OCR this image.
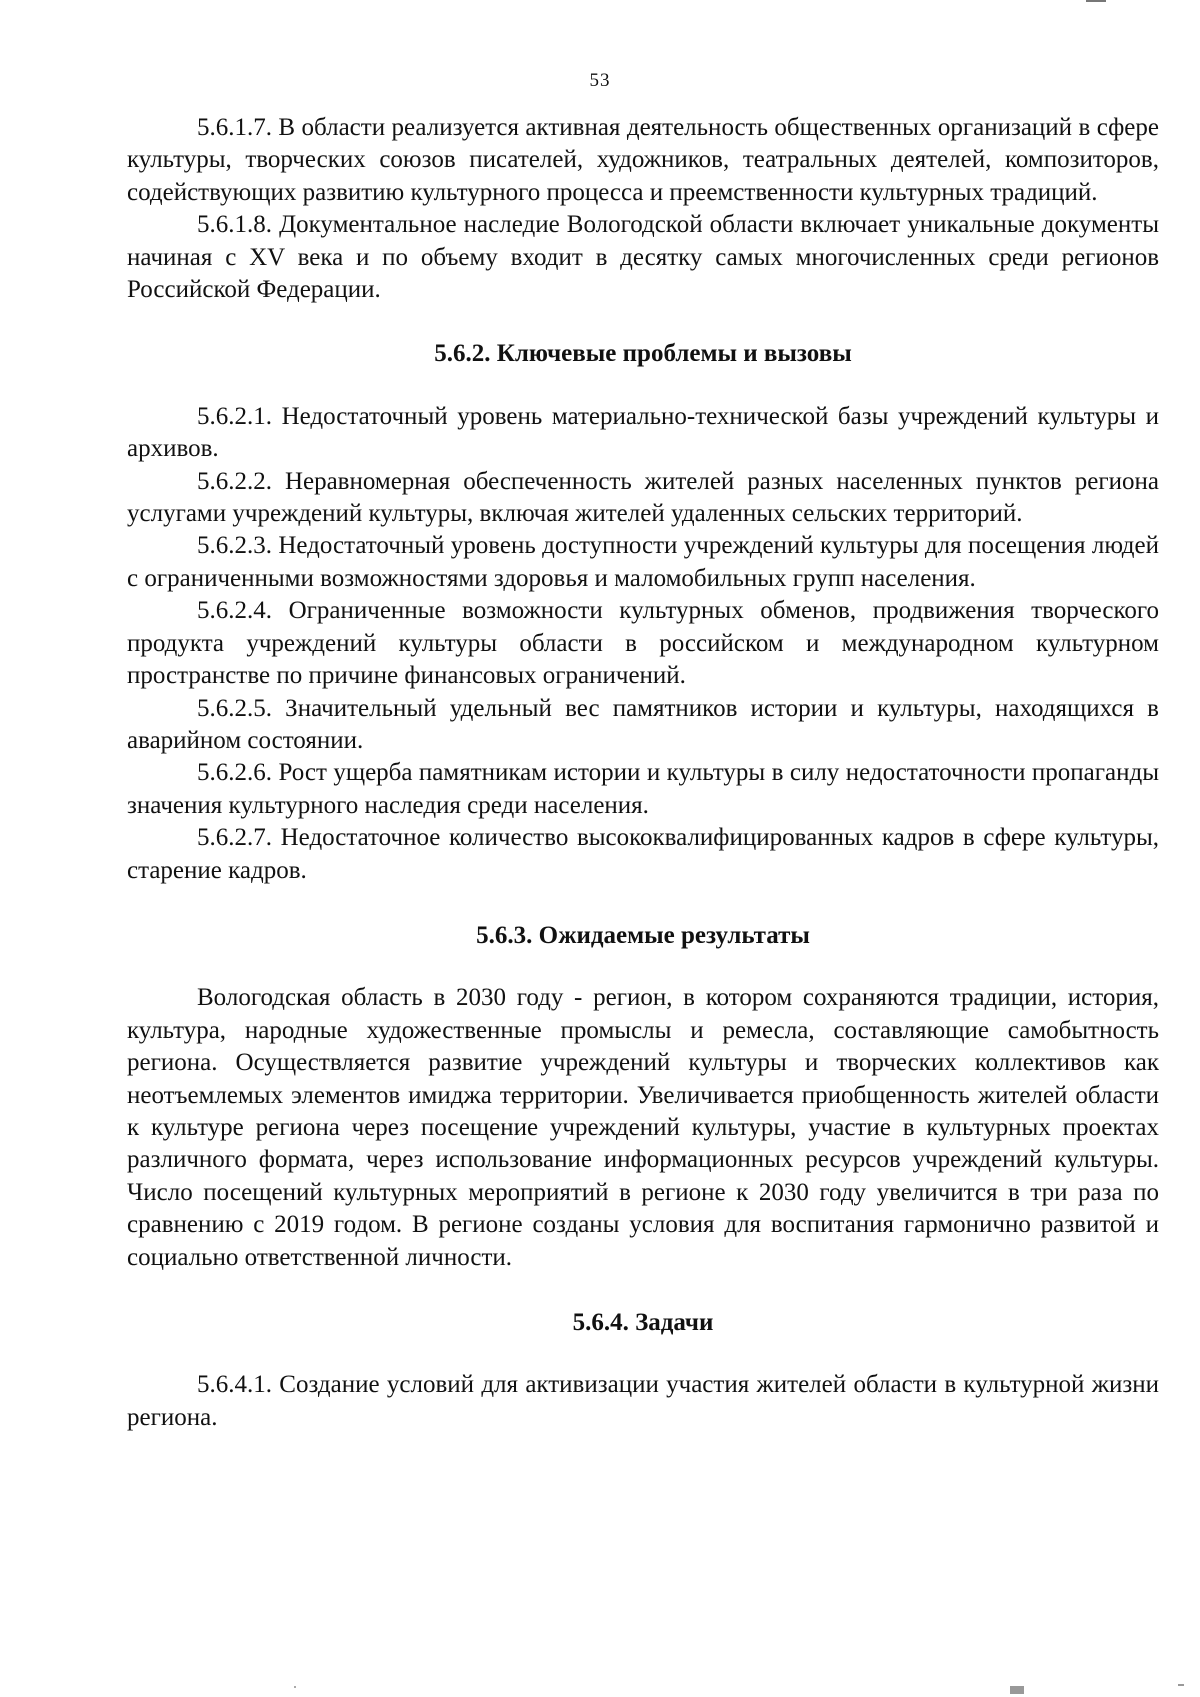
53

5.6.1.7. В области реализуется активная деятельность общественных организаций в сфере культуры, творческих союзов писателей, художников, театральных деятелей, композиторов, содействующих развитию культурного процесса и преемственности культурных традиций.

5.6.1.8. Документальное наследие Вологодской области включает уникальные документы начиная с XV века и по объему входит в десятку самых многочисленных среди регионов Российской Федерации.

5.6.2. Ключевые проблемы и вызовы

5.6.2.1. Недостаточный уровень материально-технической базы учреждений культуры и архивов.

5.6.2.2. Неравномерная обеспеченность жителей разных населенных пунктов региона услугами учреждений культуры, включая жителей удаленных сельских территорий.

5.6.2.3. Недостаточный уровень доступности учреждений культуры для посещения людей с ограниченными возможностями здоровья и маломобильных групп населения.

5.6.2.4. Ограниченные возможности культурных обменов, продвижения творческого продукта учреждений культуры области в российском и международном культурном пространстве по причине финансовых ограничений.

5.6.2.5. Значительный удельный вес памятников истории и культуры, находящихся в аварийном состоянии.

5.6.2.6. Рост ущерба памятникам истории и культуры в силу недостаточности пропаганды значения культурного наследия среди населения.

5.6.2.7. Недостаточное количество высококвалифицированных кадров в сфере культуры, старение кадров.

5.6.3. Ожидаемые результаты

Вологодская область в 2030 году - регион, в котором сохраняются традиции, история, культура, народные художественные промыслы и ремесла, составляющие самобытность региона. Осуществляется развитие учреждений культуры и творческих коллективов как неотъемлемых элементов имиджа территории. Увеличивается приобщенность жителей области к культуре региона через посещение учреждений культуры, участие в культурных проектах различного формата, через использование информационных ресурсов учреждений культуры. Число посещений культурных мероприятий в регионе к 2030 году увеличится в три раза по сравнению с 2019 годом. В регионе созданы условия для воспитания гармонично развитой и социально ответственной личности.

5.6.4. Задачи

5.6.4.1. Создание условий для активизации участия жителей области в культурной жизни региона.
